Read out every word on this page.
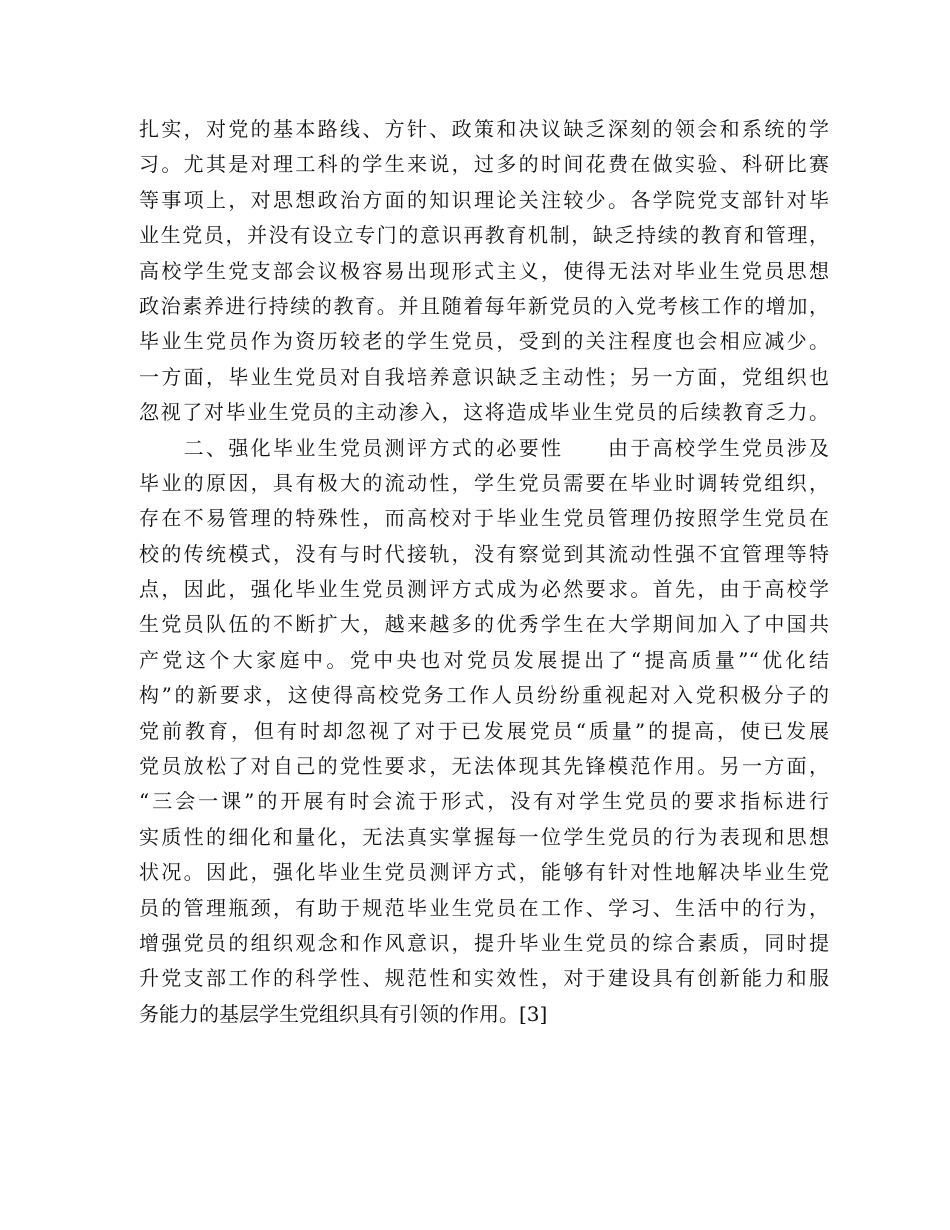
扎实，对党的基本路线、方针、政策和决议缺乏深刻的领会和系统的学
习。尤其是对理工科的学生来说，过多的时间花费在做实验、科研比赛
等事项上，对思想政治方面的知识理论关注较少。各学院党支部针对毕
业生党员，并没有设立专门的意识再教育机制，缺乏持续的教育和管理，
高校学生党支部会议极容易出现形式主义，使得无法对毕业生党员思想
政治素养进行持续的教育。并且随着每年新党员的入党考核工作的增加，
毕业生党员作为资历较老的学生党员，受到的关注程度也会相应减少。
一方面，毕业生党员对自我培养意识缺乏主动性；另一方面，党组织也
忽视了对毕业生党员的主动渗入，这将造成毕业生党员的后续教育乏力。
　　二、强化毕业生党员测评方式的必要性　　由于高校学生党员涉及
毕业的原因，具有极大的流动性，学生党员需要在毕业时调转党组织，
存在不易管理的特殊性，而高校对于毕业生党员管理仍按照学生党员在
校的传统模式，没有与时代接轨，没有察觉到其流动性强不宜管理等特
点，因此，强化毕业生党员测评方式成为必然要求。首先，由于高校学
生党员队伍的不断扩大，越来越多的优秀学生在大学期间加入了中国共
产党这个大家庭中。党中央也对党员发展提出了“提高质量”“优化结
构”的新要求，这使得高校党务工作人员纷纷重视起对入党积极分子的
党前教育，但有时却忽视了对于已发展党员“质量”的提高，使已发展
党员放松了对自己的党性要求，无法体现其先锋模范作用。另一方面，
“三会一课”的开展有时会流于形式，没有对学生党员的要求指标进行
实质性的细化和量化，无法真实掌握每一位学生党员的行为表现和思想
状况。因此，强化毕业生党员测评方式，能够有针对性地解决毕业生党
员的管理瓶颈，有助于规范毕业生党员在工作、学习、生活中的行为，
增强党员的组织观念和作风意识，提升毕业生党员的综合素质，同时提
升党支部工作的科学性、规范性和实效性，对于建设具有创新能力和服
务能力的基层学生党组织具有引领的作用。[3]
